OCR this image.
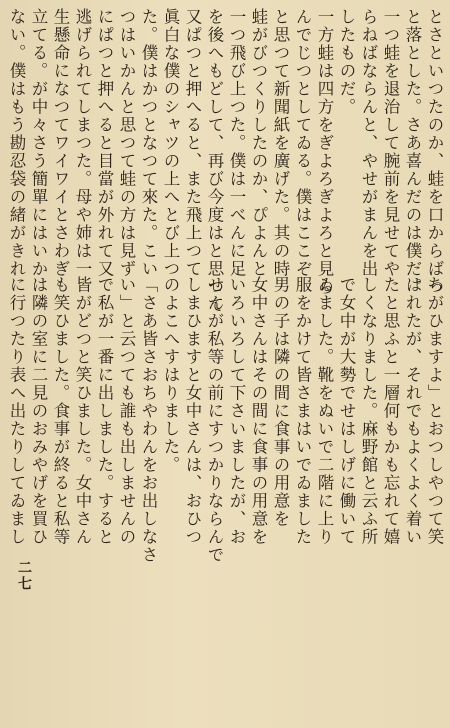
とさといつたのか、蛙を口からばつ
と落とした。さあ喜んだのは僕だ。
一つ蛙を退治して腕前を見せてや
らねばならんと、やせがまんを出
したものだ。
一方蛙は四方をぎよろぎよろと見ら
んでじつとしてゐる。僕はここぞ
と思つて新聞紙を廣げた。其の時
蛙がびつくりしたのか、ぴよんと
一つ飛び上つた。僕は一べんに足
を後へもどして、再び今度はと思つて
又ぱつと押へると、また飛上つて
眞白な僕のシャツの上へとび上つ
た。僕はかつとなつて來た。こい
つはいかんと思つて蛙の方は見ず
にぱつと押へると目當が外れて又
逃げられてしまつた。母や姉は一
生懸命になつてワイワイとさわぎ
立てる。が中々さう簡單にはいか
ない。僕はもう勘忍袋の緒がきれ
ちがひますよ」とおつしやつて笑
はれたが、それでもよくよく着い
たと思ふと一層何もかも忘れて嬉
しくなりました。麻野館と云ふ所
で女中が大勢でせはしげに働いて
ゐました。靴をぬいで二階に上り
服をかけて皆さまはいでゐました
男の子は隣の間に食事の用意を
女中さんはその間に食事の用意を
いろいろして下さいましたが、お
せんが私等の前にすつかりならんで
しまひますと女中さんは、おひつ
のよこへすはりました。
「さあ皆さおちやわんをお出しなさ
い」と云つても誰も出しませんの
で私が一番に出しました。すると
皆がどつと笑ひました。女中さん
も笑ひました。食事が終ると私等
は隣の室に二見のおみやげを買ひ
に行つたり表へ出たりしてゐまし
二七
